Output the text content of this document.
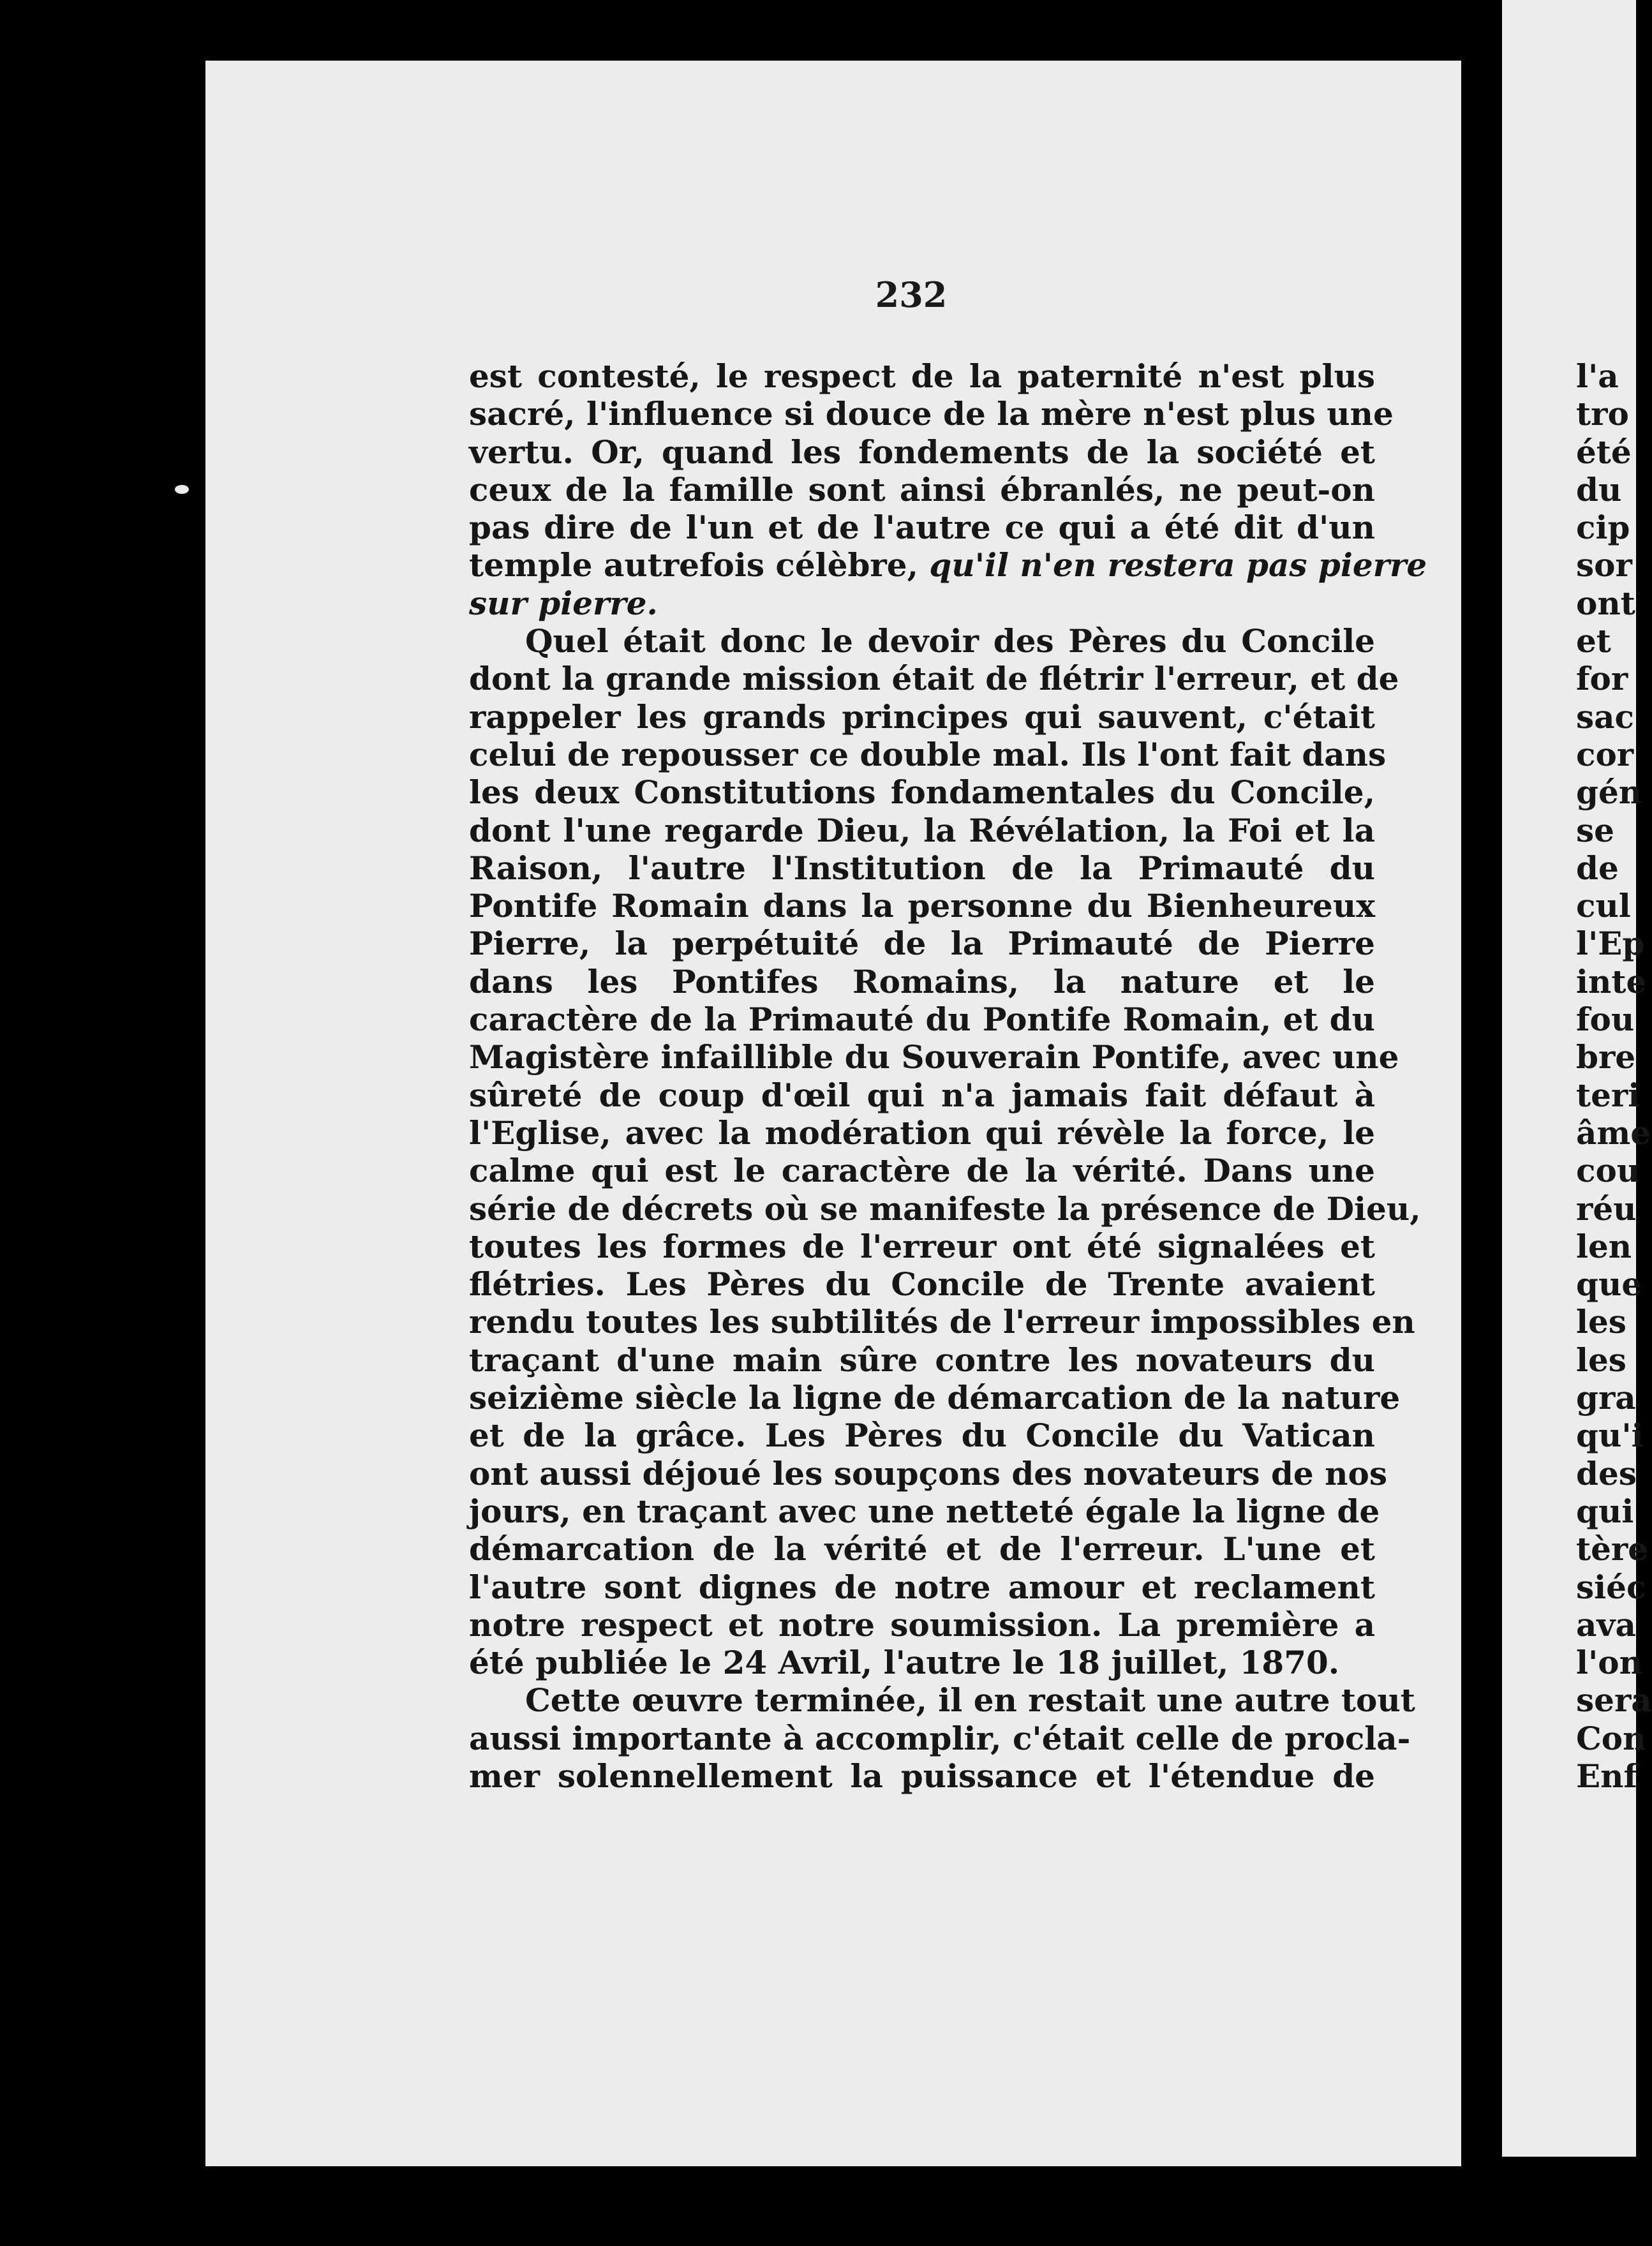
232
est contesté, le respect de la paternité n'est plus
sacré, l'influence si douce de la mère n'est plus une
vertu. Or, quand les fondements de la société et
ceux de la famille sont ainsi ébranlés, ne peut-on
pas dire de l'un et de l'autre ce qui a été dit d'un
temple autrefois célèbre, qu'il n'en restera pas pierre
sur pierre.
Quel était donc le devoir des Pères du Concile
dont la grande mission était de flétrir l'erreur, et de
rappeler les grands principes qui sauvent, c'était
celui de repousser ce double mal. Ils l'ont fait dans
les deux Constitutions fondamentales du Concile,
dont l'une regarde Dieu, la Révélation, la Foi et la
Raison, l'autre l'Institution de la Primauté du
Pontife Romain dans la personne du Bienheureux
Pierre, la perpétuité de la Primauté de Pierre
dans les Pontifes Romains, la nature et le
caractère de la Primauté du Pontife Romain, et du
Magistère infaillible du Souverain Pontife, avec une
sûreté de coup d'œil qui n'a jamais fait défaut à
l'Eglise, avec la modération qui révèle la force, le
calme qui est le caractère de la vérité. Dans une
série de décrets où se manifeste la présence de Dieu,
toutes les formes de l'erreur ont été signalées et
flétries. Les Pères du Concile de Trente avaient
rendu toutes les subtilités de l'erreur impossibles en
traçant d'une main sûre contre les novateurs du
seizième siècle la ligne de démarcation de la nature
et de la grâce. Les Pères du Concile du Vatican
ont aussi déjoué les soupçons des novateurs de nos
jours, en traçant avec une netteté égale la ligne de
démarcation de la vérité et de l'erreur. L'une et
l'autre sont dignes de notre amour et reclament
notre respect et notre soumission. La première a
été publiée le 24 Avril, l'autre le 18 juillet, 1870.
Cette œuvre terminée, il en restait une autre tout
aussi importante à accomplir, c'était celle de procla-
mer solennellement la puissance et l'étendue de
l'a
tro
été
du
cip
sor
ont
et
for
sac
cor
gén
se
de
cul
l'Ep
inte
fou
bre
teri
âme
cou
réu
len
que
les
les
gra
qu'i
des
qui
tère
siéc
ava
l'on
sera
Con
Enf
